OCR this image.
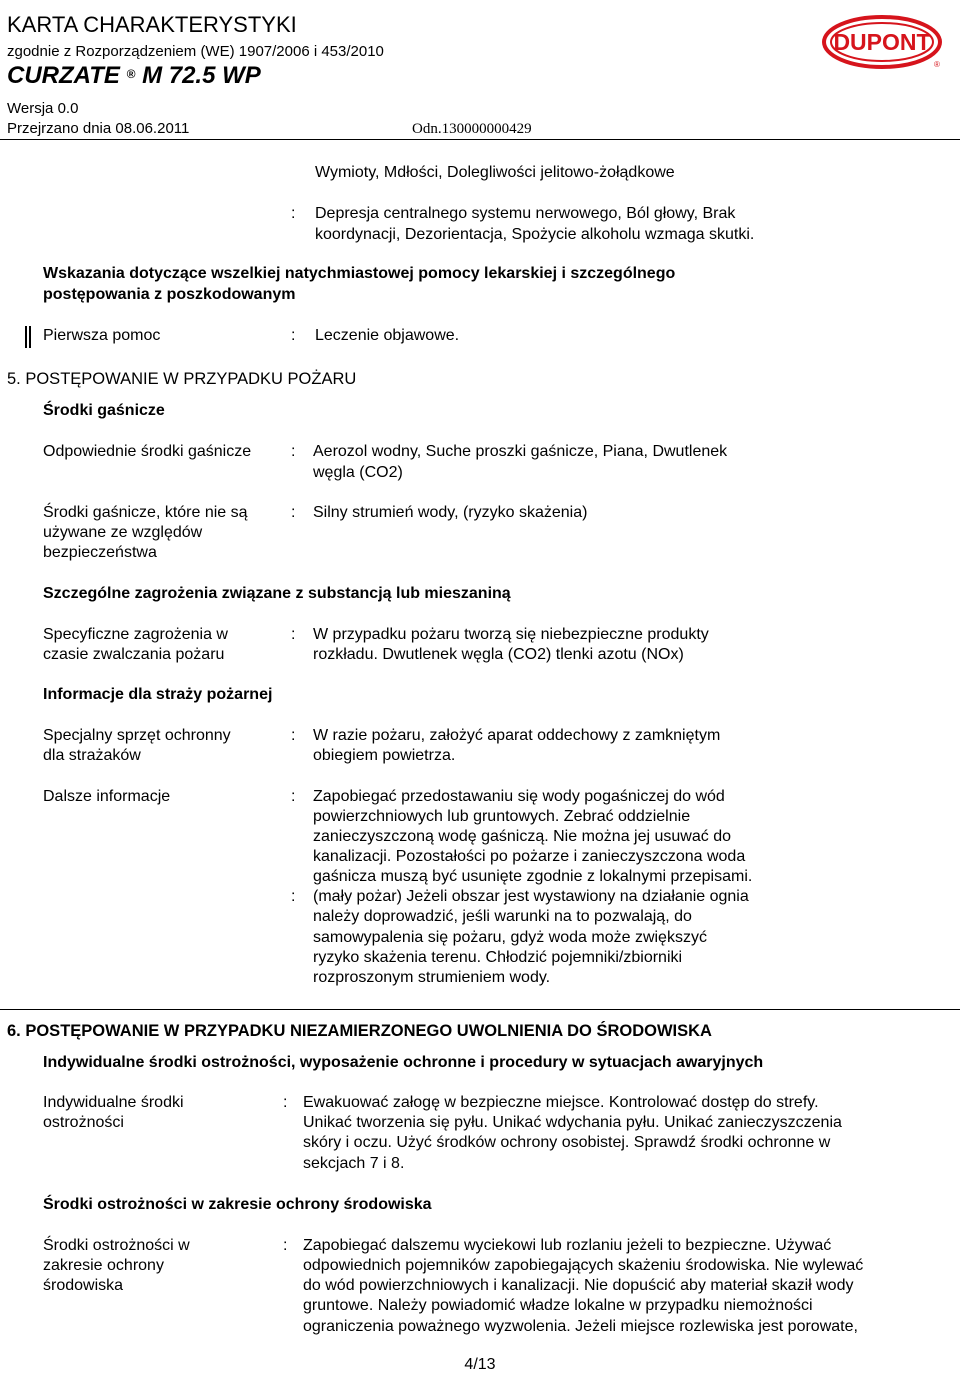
KARTA CHARAKTERYSTYKI
zgodnie z Rozporządzeniem (WE) 1907/2006 i 453/2010
CURZATE ® M 72.5 WP
Wersja 0.0
Przejrzano dnia 08.06.2011	Odn.130000000429
DUPONT
®
Wymioty, Mdłości, Dolegliwości jelitowo-żołądkowe
: Depresja centralnego systemu nerwowego, Ból głowy, Brak
koordynacji, Dezorientacja, Spożycie alkoholu wzmaga skutki.
Wskazania dotyczące wszelkiej natychmiastowej pomocy lekarskiej i szczególnego
postępowania z poszkodowanym
Pierwsza pomoc	: Leczenie objawowe.
5. POSTĘPOWANIE W PRZYPADKU POŻARU
Środki gaśnicze
Odpowiednie środki gaśnicze : Aerozol wodny, Suche proszki gaśnicze, Piana, Dwutlenek
węgla (CO2)
Środki gaśnicze, które nie są
używane ze względów
bezpieczeństwa
: Silny strumień wody, (ryzyko skażenia)
Szczególne zagrożenia związane z substancją lub mieszaniną
Specyficzne zagrożenia w
czasie zwalczania pożaru
: W przypadku pożaru tworzą się niebezpieczne produkty
rozkładu. Dwutlenek węgla (CO2) tlenki azotu (NOx)
Informacje dla straży pożarnej
Specjalny sprzęt ochronny
dla strażaków
: W razie pożaru, założyć aparat oddechowy z zamkniętym
obiegiem powietrza.
Dalsze informacje	: Zapobiegać przedostawaniu się wody pogaśniczej do wód
powierzchniowych lub gruntowych. Zebrać oddzielnie
zanieczyszczoną wodę gaśniczą. Nie można jej usuwać do
kanalizacji. Pozostałości po pożarze i zanieczyszczona woda
gaśnicza muszą być usunięte zgodnie z lokalnymi przepisami.
: (mały pożar) Jeżeli obszar jest wystawiony na działanie ognia
należy doprowadzić, jeśli warunki na to pozwalają, do
samowypalenia się pożaru, gdyż woda może zwiększyć
ryzyko skażenia terenu. Chłodzić pojemniki/zbiorniki
rozproszonym strumieniem wody.
6. POSTĘPOWANIE W PRZYPADKU NIEZAMIERZONEGO UWOLNIENIA DO ŚRODOWISKA
Indywidualne środki ostrożności, wyposażenie ochronne i procedury w sytuacjach awaryjnych
Indywidualne środki
ostrożności
: Ewakuować załogę w bezpieczne miejsce. Kontrolować dostęp do strefy.
Unikać tworzenia się pyłu. Unikać wdychania pyłu. Unikać zanieczyszczenia
skóry i oczu. Użyć środków ochrony osobistej. Sprawdź środki ochronne w
sekcjach 7 i 8.
Środki ostrożności w zakresie ochrony środowiska
Środki ostrożności w
zakresie ochrony
środowiska
: Zapobiegać dalszemu wyciekowi lub rozlaniu jeżeli to bezpieczne. Używać
odpowiednich pojemników zapobiegających skażeniu środowiska. Nie wylewać
do wód powierzchniowych i kanalizacji. Nie dopuścić aby materiał skaził wody
gruntowe. Należy powiadomić władze lokalne w przypadku niemożności
ograniczenia poważnego wyzwolenia. Jeżeli miejsce rozlewiska jest porowate,
4/13
